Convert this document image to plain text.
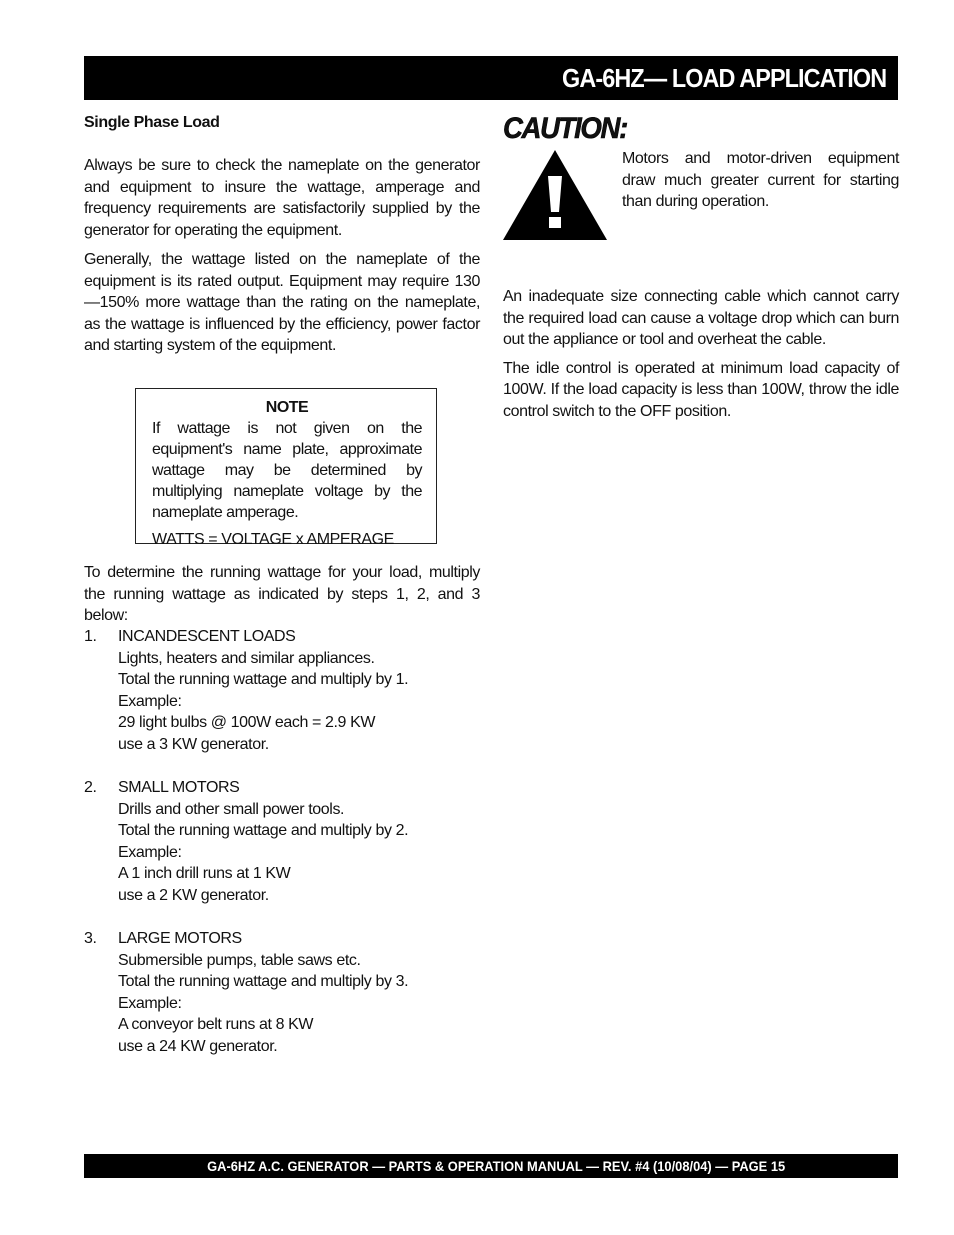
GA-6HZ— LOAD APPLICATION
Single Phase Load

Always be sure to check the nameplate on the generator and equipment to insure the wattage, amperage and frequency requirements are satisfactorily supplied by the generator for operating the equipment.

Generally, the wattage listed on the nameplate of the equipment is its rated output. Equipment may require 130—150% more wattage than the rating on the nameplate, as the wattage is influenced by the efficiency, power factor and starting system of the equipment.

NOTE
If wattage is not given on the equipment's name plate, approximate wattage may be determined by multiplying nameplate voltage by the nameplate amperage.
WATTS = VOLTAGE x AMPERAGE

To determine the running wattage for your load, multiply the running wattage as indicated by steps 1, 2, and 3 below:

1. INCANDESCENT LOADS
Lights, heaters and similar appliances.
Total the running wattage and multiply by 1.
Example:
29 light bulbs @ 100W each = 2.9 KW
use a 3 KW generator.
2. SMALL MOTORS
Drills and other small power tools.
Total the running wattage and multiply by 2.
Example:
A 1 inch drill runs at 1 KW
use a 2 KW generator.
3. LARGE MOTORS
Submersible pumps, table saws etc.
Total the running wattage and multiply by 3.
Example:
A conveyor belt runs at 8 KW
use a 24 KW generator.
CAUTION:
Motors and motor-driven equipment draw much greater current for starting than during operation.

An inadequate size connecting cable which cannot carry the required load can cause a voltage drop which can burn out the appliance or tool and overheat the cable.

The idle control is operated at minimum load capacity of 100W. If the load capacity is less than 100W, throw the idle control switch to the OFF position.

GA-6HZ A.C. GENERATOR — PARTS & OPERATION MANUAL — REV. #4 (10/08/04) — PAGE 15
